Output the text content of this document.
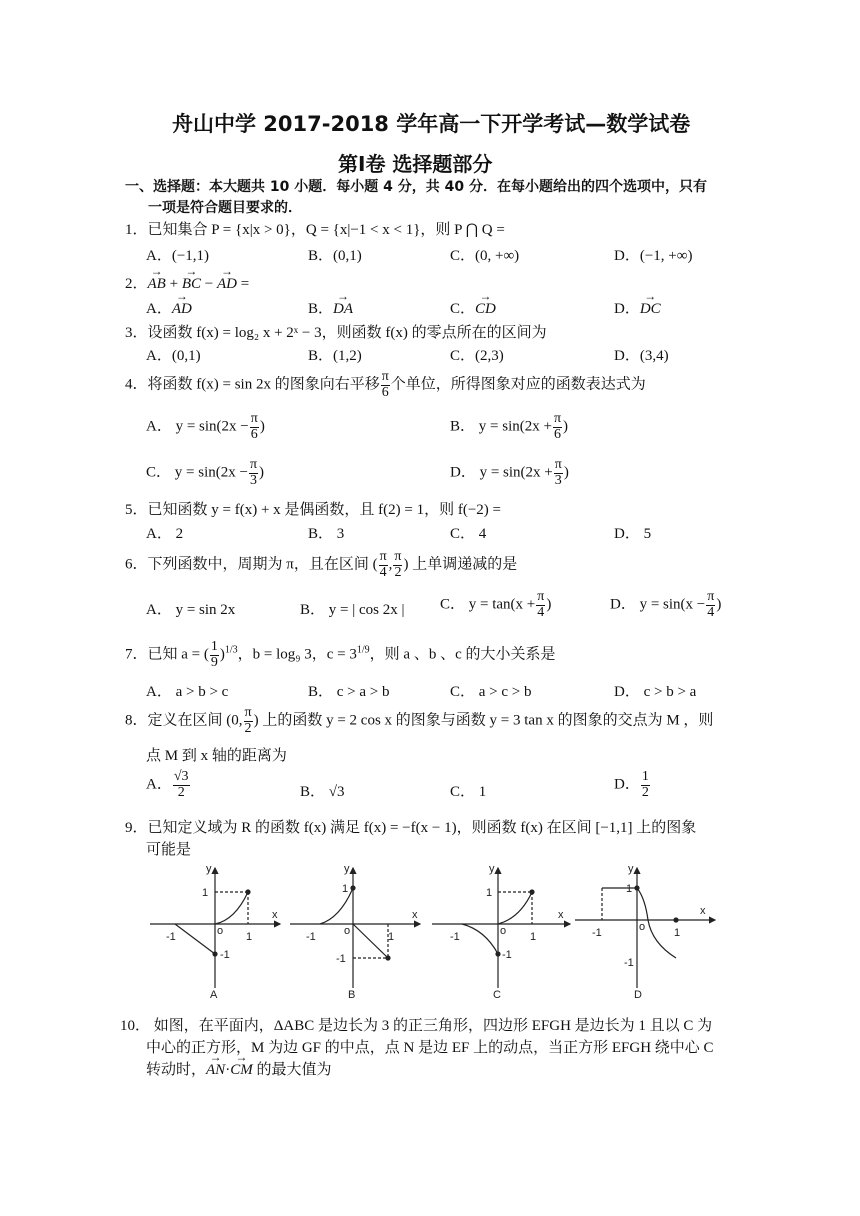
舟山中学 2017-2018 学年高一下开学考试—数学试卷
第Ⅰ卷 选择题部分
一、选择题：本大题共 10 小题．每小题 4 分，共 40 分．在每小题给出的四个选项中，只有
一项是符合题目要求的．
1．已知集合 P = {x|x > 0}，Q = {x|−1 < x < 1}，则 P ⋂ Q =
A．(−1,1)	B．(0,1)	C．(0, +∞)	D．(−1, +∞)
2．→ AB + → BC − → AD =
A．→ AD	B．→ DA	C．→ CD	D．→ DC
3．设函数 f(x) = log₂ x + 2ˣ − 3，则函数 f(x) 的零点所在的区间为
A．(0,1)	B．(1,2)	C．(2,3)	D．(3,4)
4．将函数 f(x) = sin 2x 的图象向右平移 $\frac{\pi}{6}$ 个单位，所得图象对应的函数表达式为
A． $y = \sin(2x - \frac{\pi}{6}$ )	B． $y = \sin(2x + \frac{\pi}{6}$ )
C． $y = \sin(2x - \frac{\pi}{3}$ )	D． $y = \sin(2x + \frac{\pi}{3}$ )
5．已知函数 y = f(x) + x 是偶函数，且 f(2) = 1，则 f(−2) =
A． 2	B． 3	C． 4	D． 5
6．下列函数中，周期为 π，且在区间 ( $\frac{\pi}{4}$ , $\frac{\pi}{2}$ ) 上单调递减的是
A． y = sin 2x	B． y = | cos 2x | C． $y = \tan(x + \frac{\pi}{4}$ )	D． $y = \sin(x - \frac{\pi}{4}$ )
7．已知 a = ( $\frac{1}{9} )^{1/3}$，b = log₉ 3，$c = 3^{1/9}$，则 a 、b 、c 的大小关系是
A． a > b > c	B． c > a > b	C． a > c > b	D． c > b > a
8．定义在区间 (0, $\frac{\pi}{2}$ ) 上的函数 y = 2 cos x 的图象与函数 y = 3 tan x 的图象的交点为 M ，则
点 M 到 x 轴的距离为
A． $\frac{√3}{2}$	B． √3	C． 1	D． $\frac{1}{2}$
9．已知定义域为 R 的函数 f(x) 满足 f(x) = −f(x − 1)，则函数 f(x) 在区间 [−1,1] 上的图象
可能是
y
x
1
o
-1	1
-1
A
y
x
1
o
-1	1
-1
B
y
x
1
o
-1	1
-1
C
y
x
1
o
-1	1
-1
D
10． 如图，在平面内，ΔABC 是边长为 3 的正三角形，四边形 EFGH 是边长为 1 且以 C 为
中心的正方形，M 为边 GF 的中点，点 N 是边 EF 上的动点，当正方形 EFGH 绕中心 C
转动时，→ AN·→ CM 的最大值为
